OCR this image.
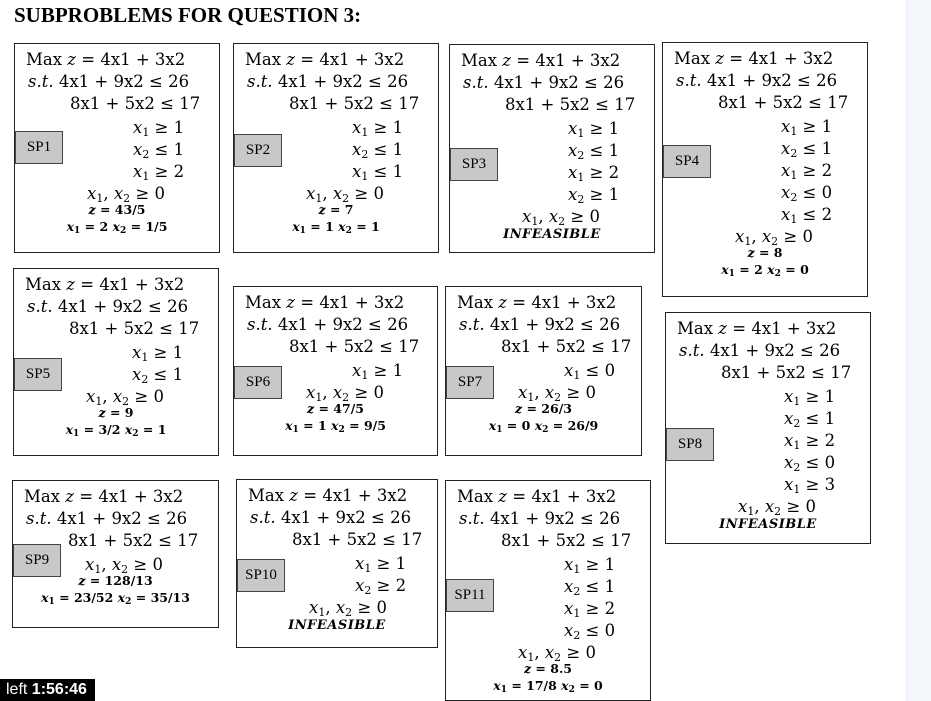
SUBPROBLEMS FOR QUESTION 3:
Max z = 4x1 + 3x2
s.t. 4x1 + 9x2 ≤ 26
8x1 + 5x2 ≤ 17
$x_1 \ge 1$
$x_2 \le 1$
$x_1 \ge 2$
$x_1$, $x_2 \ge 0$
z = 43/5
$x_1 = 2$ $x_2 = 1/5$
SP1
Max z = 4x1 + 3x2
s.t. 4x1 + 9x2 ≤ 26
8x1 + 5x2 ≤ 17
$x_1 \ge 1$
$x_2 \le 1$
$x_1 \le 1$
$x_1$, $x_2 \ge 0$
z = 7
$x_1 = 1$ $x_2 = 1$
SP2
Max z = 4x1 + 3x2
s.t. 4x1 + 9x2 ≤ 26
8x1 + 5x2 ≤ 17
$x_1 \ge 1$
$x_2 \le 1$
$x_1 \ge 2$
$x_2 \ge 1$
$x_1$, $x_2 \ge 0$
INFEASIBLE
SP3
Max z = 4x1 + 3x2
s.t. 4x1 + 9x2 ≤ 26
8x1 + 5x2 ≤ 17
$x_1 \ge 1$
$x_2 \le 1$
$x_1 \ge 2$
$x_2 \le 0$
$x_1 \le 2$
$x_1$, $x_2 \ge 0$
z = 8
$x_1 = 2$ $x_2 = 0$
SP4
Max z = 4x1 + 3x2
s.t. 4x1 + 9x2 ≤ 26
8x1 + 5x2 ≤ 17
$x_1 \ge 1$
$x_2 \le 1$
$x_1$, $x_2 \ge 0$
z = 9
$x_1 = 3/2$ $x_2 = 1$
SP5
Max z = 4x1 + 3x2
s.t. 4x1 + 9x2 ≤ 26
8x1 + 5x2 ≤ 17
$x_1 \ge 1$
$x_1$, $x_2 \ge 0$
z = 47/5
$x_1 = 1$ $x_2 = 9/5$
SP6
Max z = 4x1 + 3x2
s.t. 4x1 + 9x2 ≤ 26
8x1 + 5x2 ≤ 17
$x_1 \le 0$
$x_1$, $x_2 \ge 0$
z = 26/3
$x_1 = 0$ $x_2 = 26/9$
SP7
Max z = 4x1 + 3x2
s.t. 4x1 + 9x2 ≤ 26
8x1 + 5x2 ≤ 17
$x_1 \ge 1$
$x_2 \le 1$
$x_1 \ge 2$
$x_2 \le 0$
$x_1 \ge 3$
$x_1$, $x_2 \ge 0$
INFEASIBLE
SP8
Max z = 4x1 + 3x2
s.t. 4x1 + 9x2 ≤ 26
8x1 + 5x2 ≤ 17
$x_1$, $x_2 \ge 0$
z = 128/13
$x_1 = 23/52$ $x_2 = 35/13$
SP9
Max z = 4x1 + 3x2
s.t. 4x1 + 9x2 ≤ 26
8x1 + 5x2 ≤ 17
$x_1 \ge 1$
$x_2 \ge 2$
$x_1$, $x_2 \ge 0$
INFEASIBLE
SP10
Max z = 4x1 + 3x2
s.t. 4x1 + 9x2 ≤ 26
8x1 + 5x2 ≤ 17
$x_1 \ge 1$
$x_2 \le 1$
$x_1 \ge 2$
$x_2 \le 0$
$x_1$, $x_2 \ge 0$
z = 8.5
$x_1 = 17/8$ $x_2 = 0$
SP11
left 1:56:46
